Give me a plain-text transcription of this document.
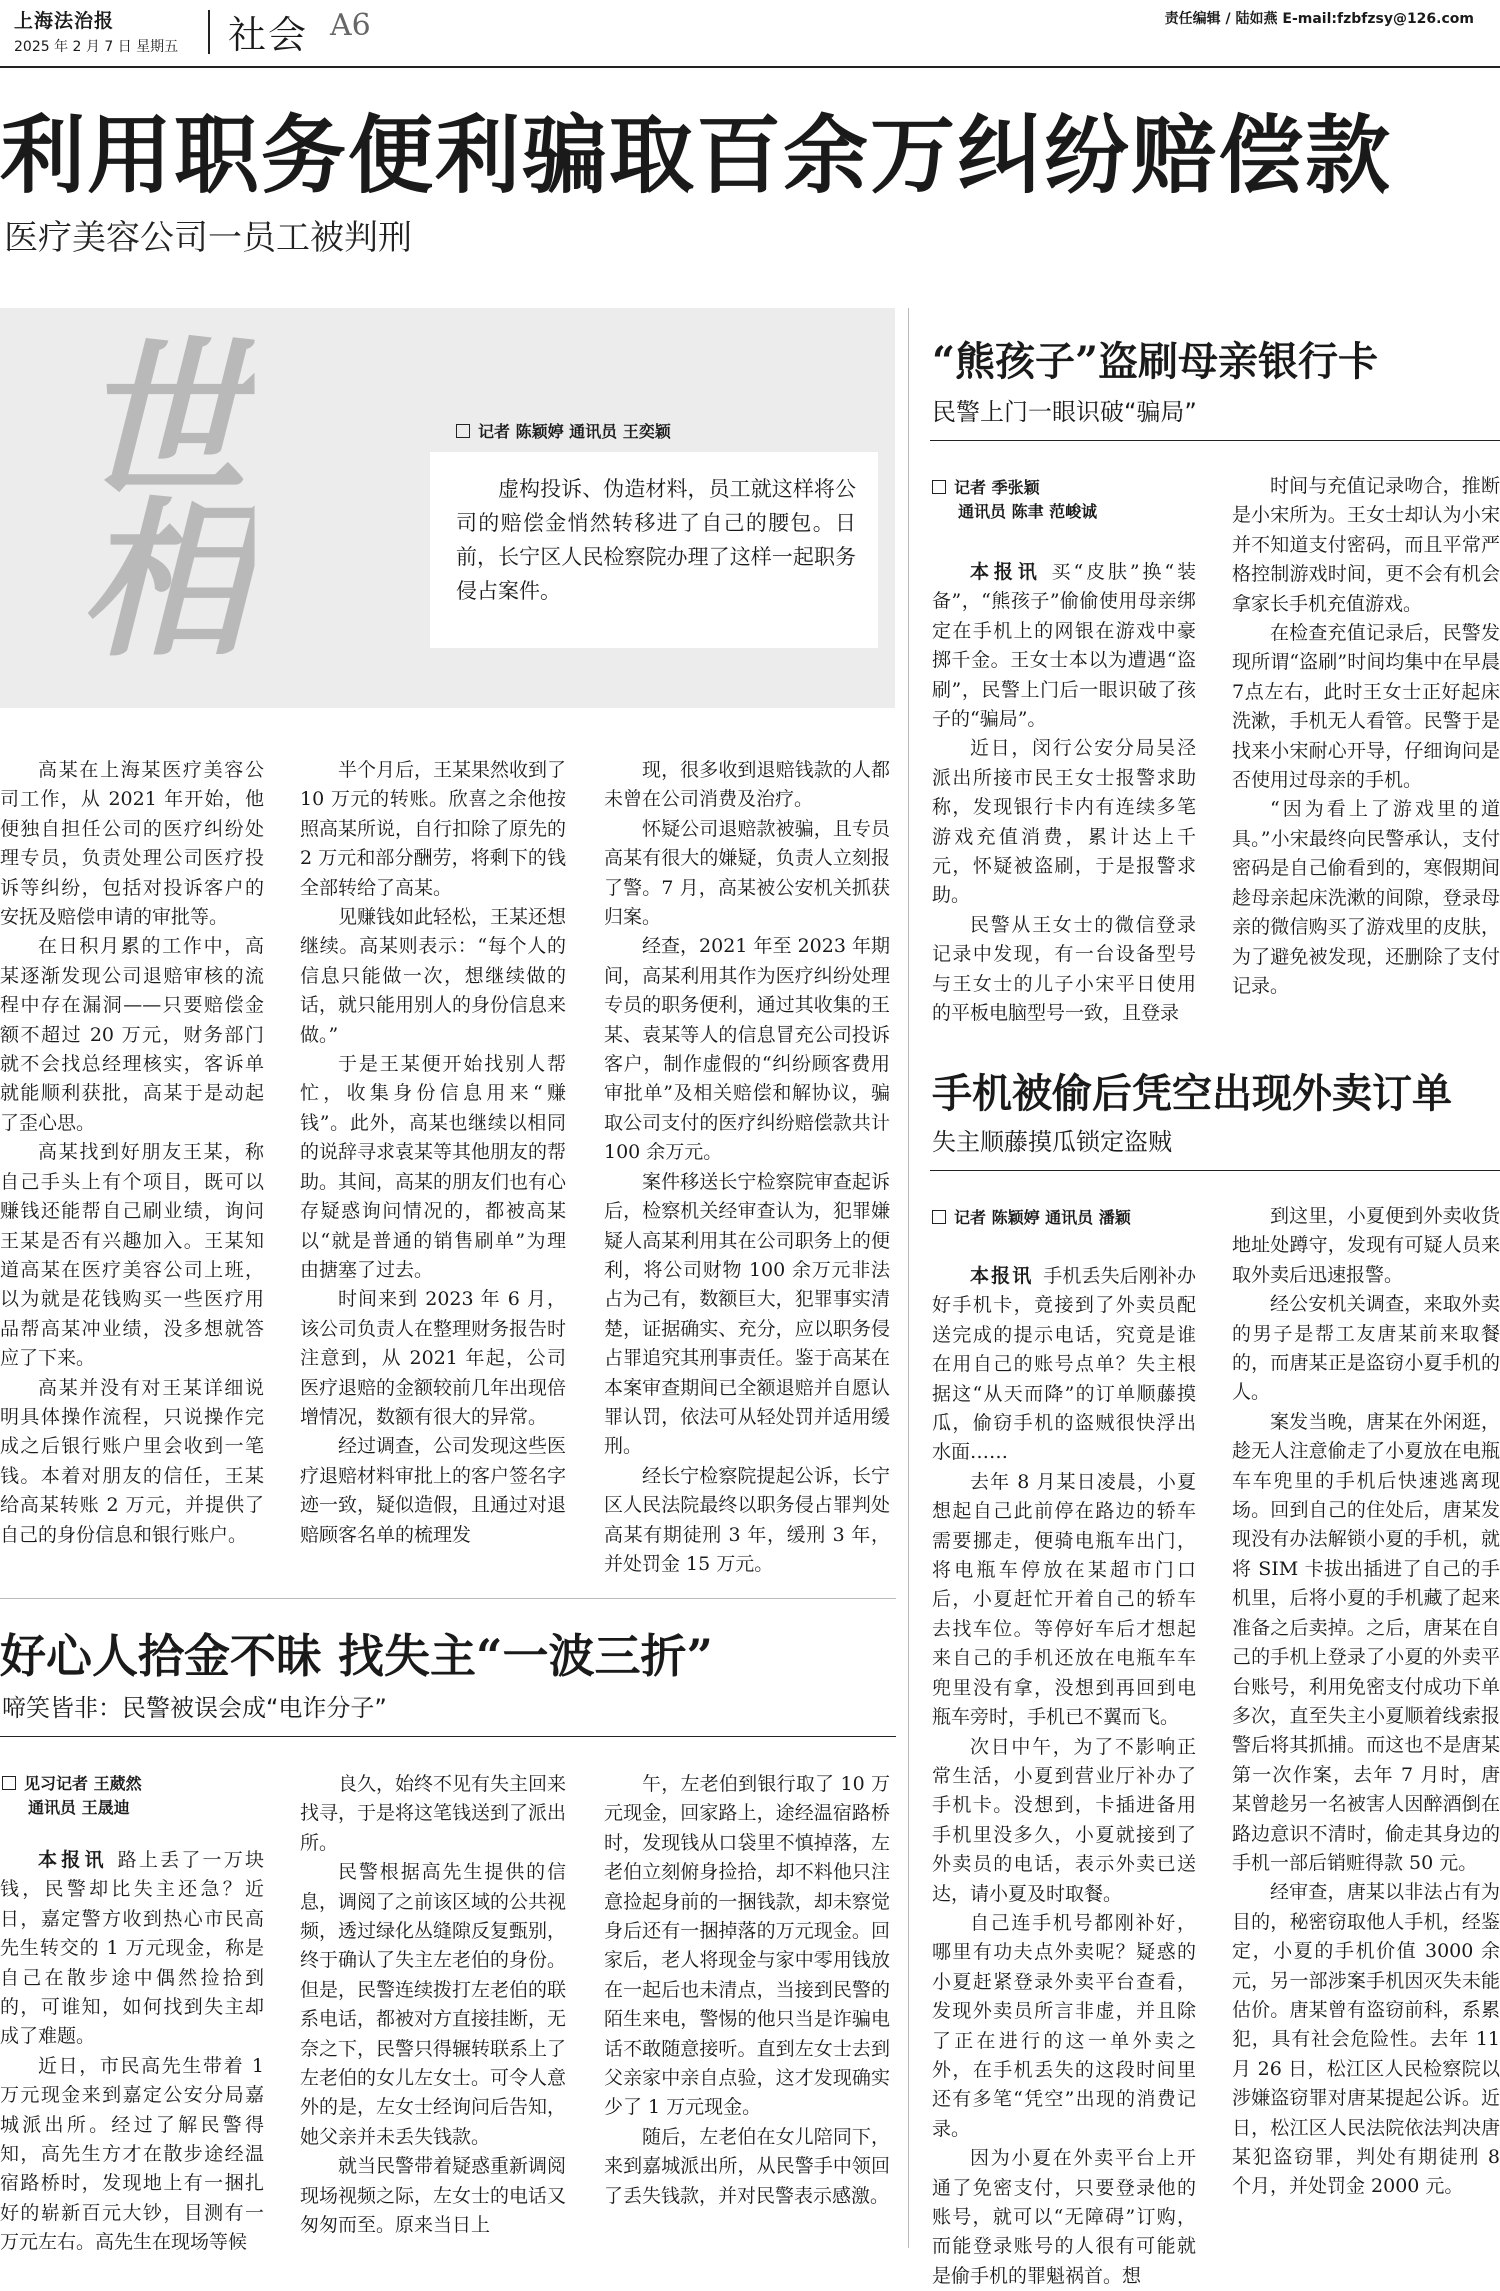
上海法治报
2025 年 2 月 7 日 星期五 社会 A6	责任编辑 / 陆如燕 E-mail:fzbfzsy@126.com
利用职务便利骗取百余万纠纷赔偿款
医疗美容公司一员工被判刑
世相	记者 陈颖婷 通讯员 王奕颖
虚构投诉、伪造材料，员工就这样将公司的赔偿金悄然转移进了自己的腰包。日前，长宁区人民检察院办理了这样一起职务侵占案件。

高某在上海某医疗美容公司工作，从 2021 年开始，他便独自担任公司的医疗纠纷处理专员，负责处理公司医疗投诉等纠纷，包括对投诉客户的安抚及赔偿申请的审批等。

在日积月累的工作中，高某逐渐发现公司退赔审核的流程中存在漏洞——只要赔偿金额不超过 20 万元，财务部门就不会找总经理核实，客诉单就能顺利获批，高某于是动起了歪心思。

高某找到好朋友王某，称自己手头上有个项目，既可以赚钱还能帮自己刷业绩，询问王某是否有兴趣加入。王某知道高某在医疗美容公司上班，以为就是花钱购买一些医疗用品帮高某冲业绩，没多想就答应了下来。

高某并没有对王某详细说明具体操作流程，只说操作完成之后银行账户里会收到一笔钱。本着对朋友的信任，王某给高某转账 2 万元，并提供了自己的身份信息和银行账户。

半个月后，王某果然收到了 10 万元的转账。欣喜之余他按照高某所说，自行扣除了原先的 2 万元和部分酬劳，将剩下的钱全部转给了高某。

见赚钱如此轻松，王某还想继续。高某则表示：“每个人的信息只能做一次，想继续做的话，就只能用别人的身份信息来做。”

于是王某便开始找别人帮忙，收集身份信息用来“赚钱”。此外，高某也继续以相同的说辞寻求袁某等其他朋友的帮助。其间，高某的朋友们也有心存疑惑询问情况的，都被高某以“就是普通的销售刷单”为理由搪塞了过去。

时间来到 2023 年 6 月，该公司负责人在整理财务报告时注意到，从 2021 年起，公司医疗退赔的金额较前几年出现倍增情况，数额有很大的异常。

经过调查，公司发现这些医疗退赔材料审批上的客户签名字迹一致，疑似造假，且通过对退赔顾客名单的梳理发

现，很多收到退赔钱款的人都未曾在公司消费及治疗。

怀疑公司退赔款被骗，且专员高某有很大的嫌疑，负责人立刻报了警。7 月，高某被公安机关抓获归案。

经查，2021 年至 2023 年期间，高某利用其作为医疗纠纷处理专员的职务便利，通过其收集的王某、袁某等人的信息冒充公司投诉客户，制作虚假的“纠纷顾客费用审批单”及相关赔偿和解协议，骗取公司支付的医疗纠纷赔偿款共计 100 余万元。

案件移送长宁检察院审查起诉后，检察机关经审查认为，犯罪嫌疑人高某利用其在公司职务上的便利，将公司财物 100 余万元非法占为己有，数额巨大，犯罪事实清楚，证据确实、充分，应以职务侵占罪追究其刑事责任。鉴于高某在本案审查期间已全额退赔并自愿认罪认罚，依法可从轻处罚并适用缓刑。

经长宁检察院提起公诉，长宁区人民法院最终以职务侵占罪判处高某有期徒刑 3 年，缓刑 3 年，并处罚金 15 万元。

“熊孩子”盗刷母亲银行卡
民警上门一眼识破“骗局”
记者 季张颖
通讯员 陈聿 范峻诚

本报讯 买“皮肤”换“装备”，“熊孩子”偷偷使用母亲绑定在手机上的网银在游戏中豪掷千金。王女士本以为遭遇“盗刷”，民警上门后一眼识破了孩子的“骗局”。

近日，闵行公安分局吴泾派出所接市民王女士报警求助称，发现银行卡内有连续多笔游戏充值消费，累计达上千元，怀疑被盗刷，于是报警求助。

民警从王女士的微信登录记录中发现，有一台设备型号与王女士的儿子小宋平日使用的平板电脑型号一致，且登录

时间与充值记录吻合，推断是小宋所为。王女士却认为小宋并不知道支付密码，而且平常严格控制游戏时间，更不会有机会拿家长手机充值游戏。

在检查充值记录后，民警发现所谓“盗刷”时间均集中在早晨7点左右，此时王女士正好起床洗漱，手机无人看管。民警于是找来小宋耐心开导，仔细询问是否使用过母亲的手机。

“因为看上了游戏里的道具。”小宋最终向民警承认，支付密码是自己偷看到的，寒假期间趁母亲起床洗漱的间隙，登录母亲的微信购买了游戏里的皮肤，为了避免被发现，还删除了支付记录。

手机被偷后凭空出现外卖订单
失主顺藤摸瓜锁定盗贼
记者 陈颖婷 通讯员 潘颖

本报讯 手机丢失后刚补办好手机卡，竟接到了外卖员配送完成的提示电话，究竟是谁在用自己的账号点单？失主根据这“从天而降”的订单顺藤摸瓜，偷窃手机的盗贼很快浮出水面……

去年 8 月某日凌晨，小夏想起自己此前停在路边的轿车需要挪走，便骑电瓶车出门，将电瓶车停放在某超市门口后，小夏赶忙开着自己的轿车去找车位。等停好车后才想起来自己的手机还放在电瓶车车兜里没有拿，没想到再回到电瓶车旁时，手机已不翼而飞。

次日中午，为了不影响正常生活，小夏到营业厅补办了手机卡。没想到，卡插进备用手机里没多久，小夏就接到了外卖员的电话，表示外卖已送达，请小夏及时取餐。

自己连手机号都刚补好，哪里有功夫点外卖呢？疑惑的小夏赶紧登录外卖平台查看，发现外卖员所言非虚，并且除了正在进行的这一单外卖之外，在手机丢失的这段时间里还有多笔“凭空”出现的消费记录。

因为小夏在外卖平台上开通了免密支付，只要登录他的账号，就可以“无障碍”订购，而能登录账号的人很有可能就是偷手机的罪魁祸首。想

到这里，小夏便到外卖收货地址处蹲守，发现有可疑人员来取外卖后迅速报警。

经公安机关调查，来取外卖的男子是帮工友唐某前来取餐的，而唐某正是盗窃小夏手机的人。

案发当晚，唐某在外闲逛，趁无人注意偷走了小夏放在电瓶车车兜里的手机后快速逃离现场。回到自己的住处后，唐某发现没有办法解锁小夏的手机，就将 SIM 卡拔出插进了自己的手机里，后将小夏的手机藏了起来准备之后卖掉。之后，唐某在自己的手机上登录了小夏的外卖平台账号，利用免密支付成功下单多次，直至失主小夏顺着线索报警后将其抓捕。而这也不是唐某第一次作案，去年 7 月时，唐某曾趁另一名被害人因醉酒倒在路边意识不清时，偷走其身边的手机一部后销赃得款 50 元。

经审查，唐某以非法占有为目的，秘密窃取他人手机，经鉴定，小夏的手机价值 3000 余元，另一部涉案手机因灭失未能估价。唐某曾有盗窃前科，系累犯，具有社会危险性。去年 11 月 26 日，松江区人民检察院以涉嫌盗窃罪对唐某提起公诉。近日，松江区人民法院依法判决唐某犯盗窃罪，判处有期徒刑 8 个月，并处罚金 2000 元。

好心人拾金不昧 找失主“一波三折”
啼笑皆非：民警被误会成“电诈分子”
见习记者 王葳然
通讯员 王晟迪

本报讯 路上丢了一万块钱，民警却比失主还急？近日，嘉定警方收到热心市民高先生转交的 1 万元现金，称是自己在散步途中偶然捡拾到的，可谁知，如何找到失主却成了难题。

近日，市民高先生带着 1 万元现金来到嘉定公安分局嘉城派出所。经过了解民警得知，高先生方才在散步途经温宿路桥时，发现地上有一捆扎好的崭新百元大钞，目测有一万元左右。高先生在现场等候

良久，始终不见有失主回来找寻，于是将这笔钱送到了派出所。

民警根据高先生提供的信息，调阅了之前该区域的公共视频，透过绿化丛缝隙反复甄别，终于确认了失主左老伯的身份。但是，民警连续拨打左老伯的联系电话，都被对方直接挂断，无奈之下，民警只得辗转联系上了左老伯的女儿左女士。可令人意外的是，左女士经询问后告知，她父亲并未丢失钱款。

就当民警带着疑惑重新调阅现场视频之际，左女士的电话又匆匆而至。原来当日上

午，左老伯到银行取了 10 万元现金，回家路上，途经温宿路桥时，发现钱从口袋里不慎掉落，左老伯立刻俯身捡拾，却不料他只注意捡起身前的一捆钱款，却未察觉身后还有一捆掉落的万元现金。回家后，老人将现金与家中零用钱放在一起后也未清点，当接到民警的陌生来电，警惕的他只当是诈骗电话不敢随意接听。直到左女士去到父亲家中亲自点验，这才发现确实少了 1 万元现金。

随后，左老伯在女儿陪同下，来到嘉城派出所，从民警手中领回了丢失钱款，并对民警表示感激。
